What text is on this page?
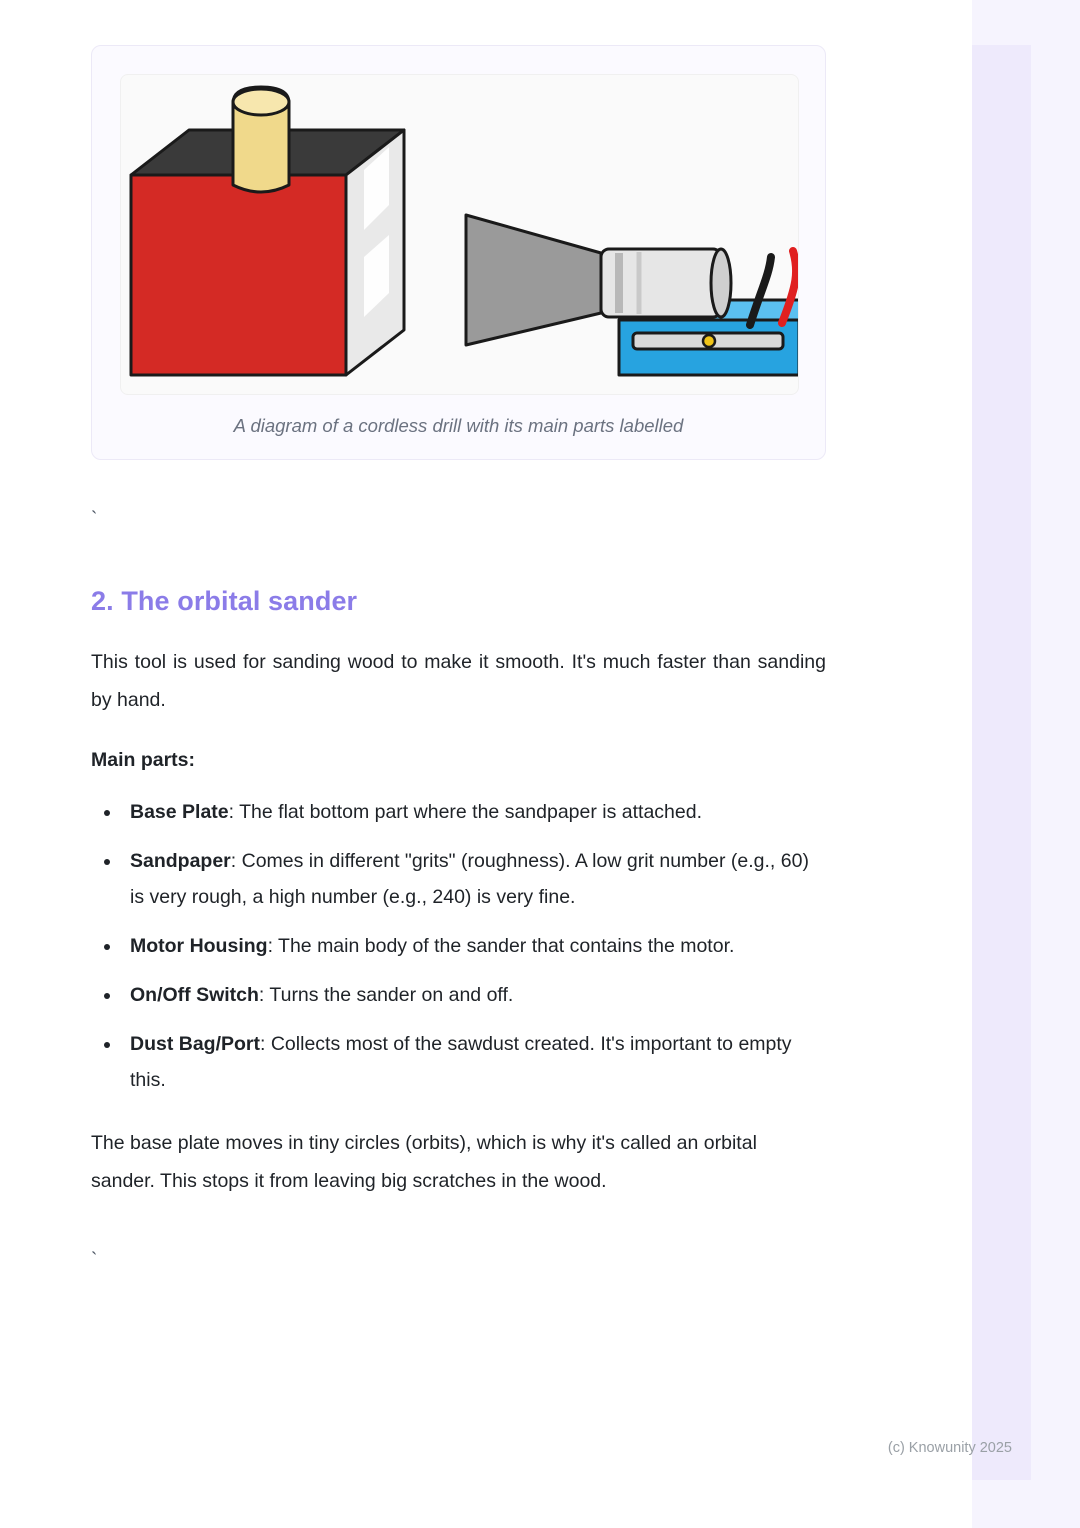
A diagram of a cordless drill with its main parts labelled
`
2. The orbital sander

This tool is used for sanding wood to make it smooth. It's much faster than sanding by hand.

Main parts:

• Base Plate: The flat bottom part where the sandpaper is attached.
• Sandpaper: Comes in different "grits" (roughness). A low grit number (e.g., 60) is very rough, a high number (e.g., 240) is very fine.
• Motor Housing: The main body of the sander that contains the motor.
• On/Off Switch: Turns the sander on and off.
• Dust Bag/Port: Collects most of the sawdust created. It's important to empty this.

The base plate moves in tiny circles (orbits), which is why it's called an orbital sander. This stops it from leaving big scratches in the wood.

`
(c) Knowunity 2025
